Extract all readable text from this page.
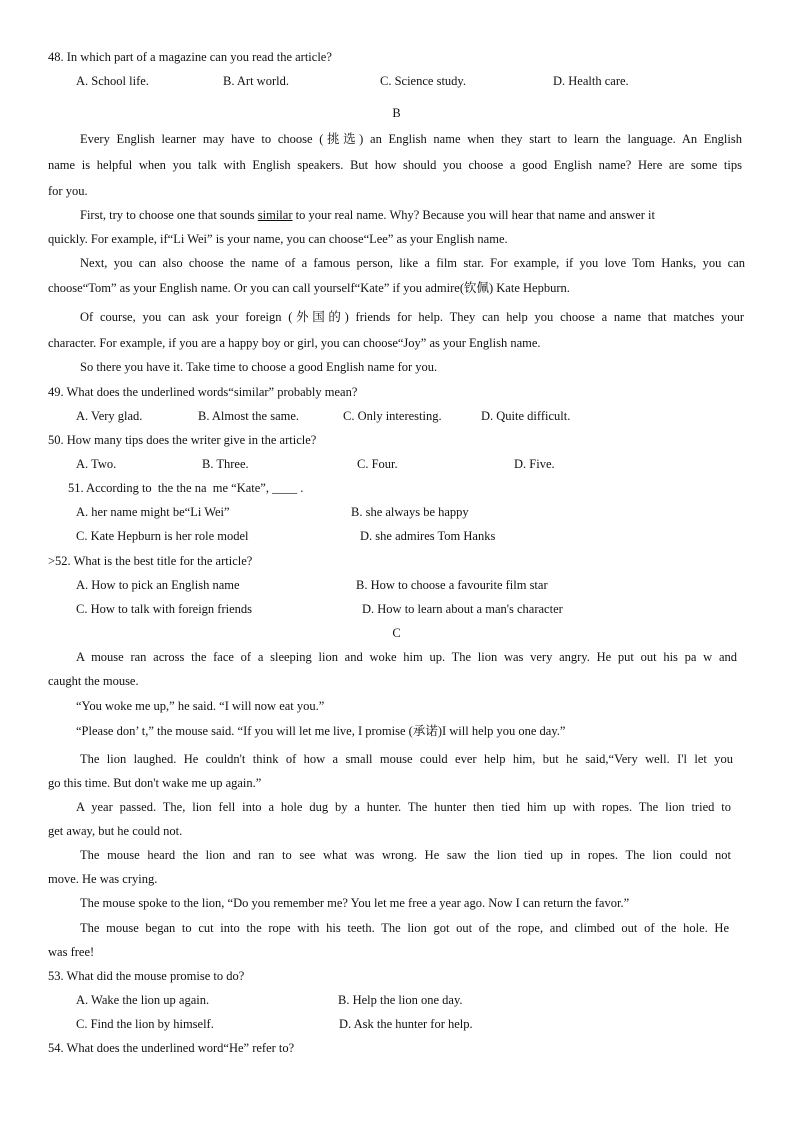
48. In which part of a magazine can you read the article?
A. School life.	B. Art world.	C. Science study.	D. Health care.
B
Every English learner may have to choose (挑选) an English name when they start to learn the language. An English
name is helpful when you talk with English speakers. But how should you choose a good English name? Here are some tips
for you.
First, try to choose one that sounds similar to your real name. Why? Because you will hear that name and answer it
quickly. For example, if“Li Wei” is your name, you can choose“Lee” as your English name.
Next, you can also choose the name of a famous person, like a film star. For example, if you love Tom Hanks, you can
choose“Tom” as your English name. Or you can call yourself“Kate” if you admire(钦佩) Kate Hepburn.
Of course, you can ask your foreign (外国的) friends for help. They can help you choose a name that matches your
character. For example, if you are a happy boy or girl, you can choose“Joy” as your English name.
So there you have it. Take time to choose a good English name for you.
49. What does the underlined words“similar” probably mean?
A. Very glad.	B. Almost the same.	C. Only interesting.	D. Quite difficult.
50. How many tips does the writer give in the article?
A. Two.	B. Three.	C. Four.	D. Five.
51. According to  the the na  me “Kate”, ____ .
A. her name might be“Li Wei”	B. she always be happy
C. Kate Hepburn is her role model	D. she admires Tom Hanks
>52. What is the best title for the article?
A. How to pick an English name	B. How to choose a favourite film star
C. How to talk with foreign friends	D. How to learn about a man's character
C
A mouse ran across the face of a sleeping lion and woke him up. The lion was very angry. He put out his pa w and
caught the mouse.
“You woke me up,” he said. “I will now eat you.”
“Please don’ t,” the mouse said. “If you will let me live, I promise (承诺)I will help you one day.”
The lion laughed. He couldn't think of how a small mouse could ever help him, but he said,“Very well. I'l let you
go this time. But don't wake me up again.”
A year passed. The, lion fell into a hole dug by a hunter. The hunter then tied him up with ropes. The lion tried to
get away, but he could not.
The mouse heard the lion and ran to see what was wrong. He saw the lion tied up in ropes. The lion could not
move. He was crying.
The mouse spoke to the lion, “Do you remember me? You let me free a year ago. Now I can return the favor.”
The mouse began to cut into the rope with his teeth. The lion got out of the rope, and climbed out of the hole. He
was free!
53. What did the mouse promise to do?
A. Wake the lion up again.	B. Help the lion one day.
C. Find the lion by himself.	D. Ask the hunter for help.
54. What does the underlined word“He” refer to?
